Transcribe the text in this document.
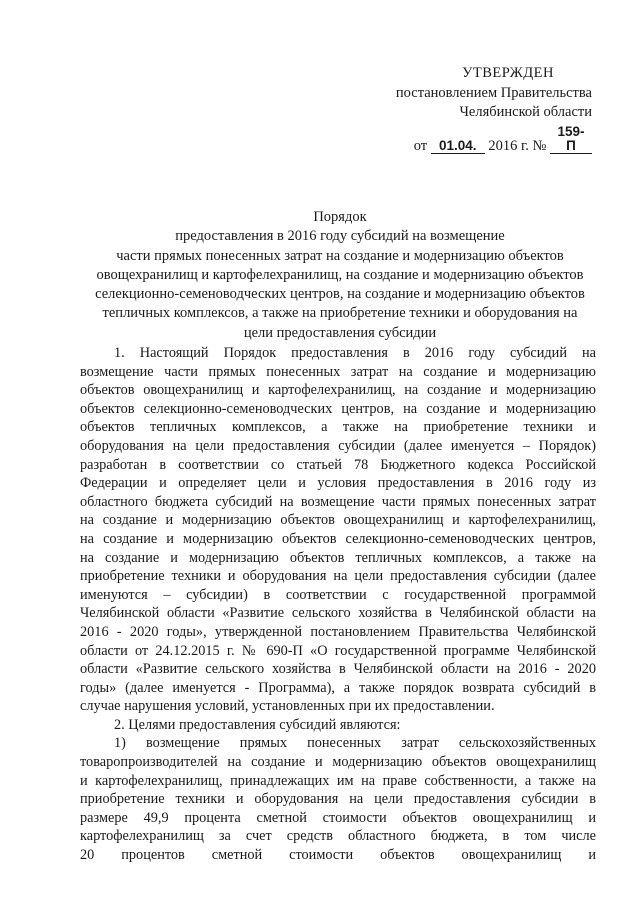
УТВЕРЖДЕН
постановлением Правительства
Челябинской области
от 01.04. 2016 г. № 159-П
Порядок
предоставления в 2016 году субсидий на возмещение
части прямых понесенных затрат на создание и модернизацию объектов
овощехранилищ и картофелехранилищ, на создание и модернизацию объектов
селекционно-семеноводческих центров, на создание и модернизацию объектов
тепличных комплексов, а также на приобретение техники и оборудования на
цели предоставления субсидии
1. Настоящий Порядок предоставления в 2016 году субсидий на
возмещение части прямых понесенных затрат на создание и модернизацию
объектов овощехранилищ и картофелехранилищ, на создание и модернизацию
объектов селекционно-семеноводческих центров, на создание и модернизацию
объектов тепличных комплексов, а также на приобретение техники и
оборудования на цели предоставления субсидии (далее именуется – Порядок)
разработан в соответствии со статьей 78 Бюджетного кодекса Российской
Федерации и определяет цели и условия предоставления в 2016 году из
областного бюджета субсидий на возмещение части прямых понесенных затрат
на создание и модернизацию объектов овощехранилищ и картофелехранилищ,
на создание и модернизацию объектов селекционно-семеноводческих центров,
на создание и модернизацию объектов тепличных комплексов, а также на
приобретение техники и оборудования на цели предоставления субсидии (далее
именуются – субсидии) в соответствии с государственной программой
Челябинской области «Развитие сельского хозяйства в Челябинской области на
2016 - 2020 годы», утвержденной постановлением Правительства Челябинской
области от 24.12.2015 г. № 690-П «О государственной программе Челябинской
области «Развитие сельского хозяйства в Челябинской области на 2016 - 2020
годы» (далее именуется - Программа), а также порядок возврата субсидий в
случае нарушения условий, установленных при их предоставлении.
2. Целями предоставления субсидий являются:
1) возмещение прямых понесенных затрат сельскохозяйственных
товаропроизводителей на создание и модернизацию объектов овощехранилищ
и картофелехранилищ, принадлежащих им на праве собственности, а также на
приобретение техники и оборудования на цели предоставления субсидии в
размере 49,9 процента сметной стоимости объектов овощехранилищ и
картофелехранилищ за счет средств областного бюджета, в том числе
20 процентов сметной стоимости объектов овощехранилищ и
